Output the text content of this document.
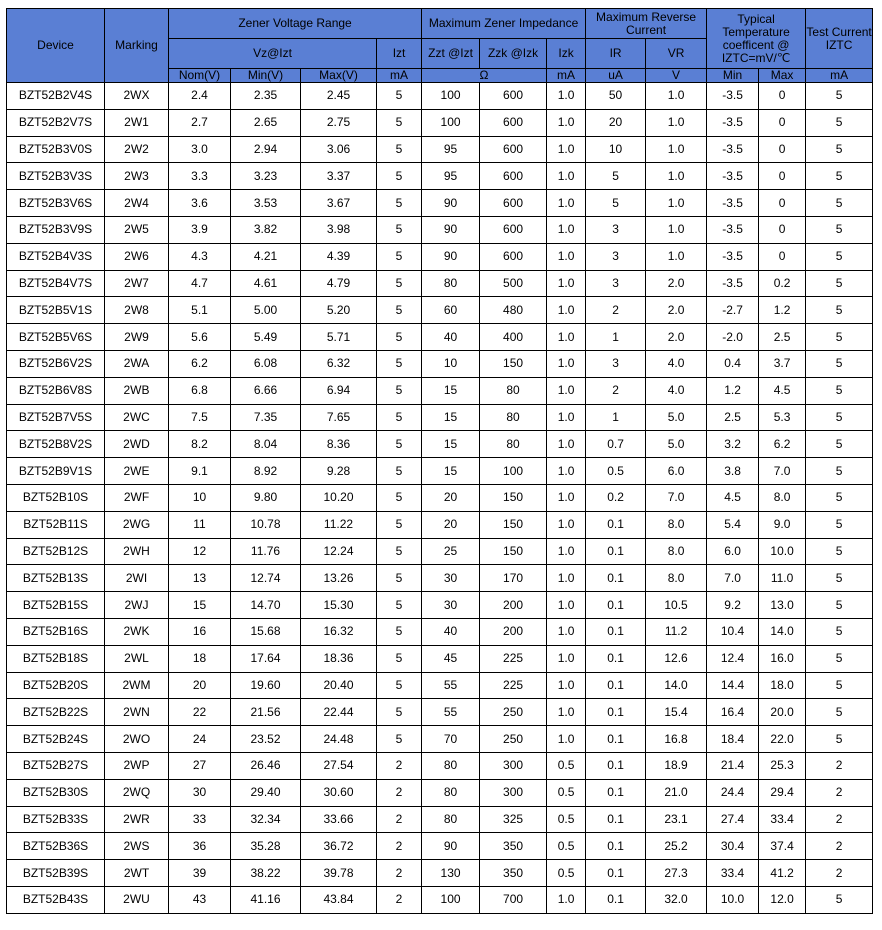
Device	Marking	Zener Voltage Range				Maximum Zener Impedance			Maximum Reverse Current		Typical Temperature coefficent @ IZTC=mV/℃		Test Current IZTC
		Vz@Izt			Izt	Zzt @Izt	Zzk @Izk	Izk	IR	VR			
		Nom(V)	Min(V)	Max(V)	mA	Ω		mA	uA	V	Min	Max	mA
BZT52B2V4S	2WX	2.4	2.35	2.45	5	100	600	1.0	50	1.0	-3.5	0	5
BZT52B2V7S	2W1	2.7	2.65	2.75	5	100	600	1.0	20	1.0	-3.5	0	5
BZT52B3V0S	2W2	3.0	2.94	3.06	5	95	600	1.0	10	1.0	-3.5	0	5
BZT52B3V3S	2W3	3.3	3.23	3.37	5	95	600	1.0	5	1.0	-3.5	0	5
BZT52B3V6S	2W4	3.6	3.53	3.67	5	90	600	1.0	5	1.0	-3.5	0	5
BZT52B3V9S	2W5	3.9	3.82	3.98	5	90	600	1.0	3	1.0	-3.5	0	5
BZT52B4V3S	2W6	4.3	4.21	4.39	5	90	600	1.0	3	1.0	-3.5	0	5
BZT52B4V7S	2W7	4.7	4.61	4.79	5	80	500	1.0	3	2.0	-3.5	0.2	5
BZT52B5V1S	2W8	5.1	5.00	5.20	5	60	480	1.0	2	2.0	-2.7	1.2	5
BZT52B5V6S	2W9	5.6	5.49	5.71	5	40	400	1.0	1	2.0	-2.0	2.5	5
BZT52B6V2S	2WA	6.2	6.08	6.32	5	10	150	1.0	3	4.0	0.4	3.7	5
BZT52B6V8S	2WB	6.8	6.66	6.94	5	15	80	1.0	2	4.0	1.2	4.5	5
BZT52B7V5S	2WC	7.5	7.35	7.65	5	15	80	1.0	1	5.0	2.5	5.3	5
BZT52B8V2S	2WD	8.2	8.04	8.36	5	15	80	1.0	0.7	5.0	3.2	6.2	5
BZT52B9V1S	2WE	9.1	8.92	9.28	5	15	100	1.0	0.5	6.0	3.8	7.0	5
BZT52B10S	2WF	10	9.80	10.20	5	20	150	1.0	0.2	7.0	4.5	8.0	5
BZT52B11S	2WG	11	10.78	11.22	5	20	150	1.0	0.1	8.0	5.4	9.0	5
BZT52B12S	2WH	12	11.76	12.24	5	25	150	1.0	0.1	8.0	6.0	10.0	5
BZT52B13S	2WI	13	12.74	13.26	5	30	170	1.0	0.1	8.0	7.0	11.0	5
BZT52B15S	2WJ	15	14.70	15.30	5	30	200	1.0	0.1	10.5	9.2	13.0	5
BZT52B16S	2WK	16	15.68	16.32	5	40	200	1.0	0.1	11.2	10.4	14.0	5
BZT52B18S	2WL	18	17.64	18.36	5	45	225	1.0	0.1	12.6	12.4	16.0	5
BZT52B20S	2WM	20	19.60	20.40	5	55	225	1.0	0.1	14.0	14.4	18.0	5
BZT52B22S	2WN	22	21.56	22.44	5	55	250	1.0	0.1	15.4	16.4	20.0	5
BZT52B24S	2WO	24	23.52	24.48	5	70	250	1.0	0.1	16.8	18.4	22.0	5
BZT52B27S	2WP	27	26.46	27.54	2	80	300	0.5	0.1	18.9	21.4	25.3	2
BZT52B30S	2WQ	30	29.40	30.60	2	80	300	0.5	0.1	21.0	24.4	29.4	2
BZT52B33S	2WR	33	32.34	33.66	2	80	325	0.5	0.1	23.1	27.4	33.4	2
BZT52B36S	2WS	36	35.28	36.72	2	90	350	0.5	0.1	25.2	30.4	37.4	2
BZT52B39S	2WT	39	38.22	39.78	2	130	350	0.5	0.1	27.3	33.4	41.2	2
BZT52B43S	2WU	43	41.16	43.84	2	100	700	1.0	0.1	32.0	10.0	12.0	5
